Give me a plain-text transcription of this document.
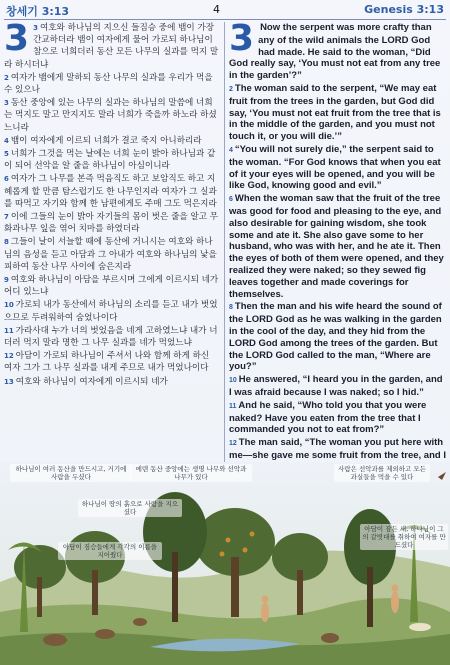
창세기 3:13	4	Genesis 3:13
3 3 여호와 하나님의 지으신 들짐승 중에 뱀이 가장 간교하더라 뱀이 여자에게 물어 가로되 하나님이 참으로 너희더러 동산 모든 나무의 실과를 먹지 말라 하시더냐
2 여자가 뱀에게 말하되 동산 나무의 실과를 우리가 먹을 수 있으나
3 동산 중앙에 있는 나무의 실과는 하나님의 말씀에 너희는 먹지도 말고 만지지도 말라 너희가 죽을까 하노라 하셨느니라
4 뱀이 여자에게 이르되 너희가 결코 죽지 아니하리라
5 너희가 그것을 먹는 날에는 너희 눈이 밝아 하나님과 같이 되어 선악을 알 줄을 하나님이 아심이니라
6 여자가 그 나무를 본즉 먹음직도 하고 보암직도 하고 지혜롭게 할 만큼 탐스럽기도 한 나무인지라 여자가 그 실과를 따먹고 자기와 함께 한 남편에게도 주매 그도 먹은지라
7 이에 그들의 눈이 밝아 자기들의 몸이 벗은 줄을 알고 무화과나무 잎을 엮어 치마를 하였더라
8 그들이 날이 서늘할 때에 동산에 거니시는 여호와 하나님의 음성을 듣고 아담과 그 아내가 여호와 하나님의 낯을 피하여 동산 나무 사이에 숨은지라
9 여호와 하나님이 아담을 부르시며 그에게 이르시되 네가 어디 있느냐
10 가로되 내가 동산에서 하나님의 소리를 듣고 내가 벗었으므로 두려워하여 숨었나이다
11 가라사대 누가 너의 벗었음을 네게 고하였느냐 내가 너더러 먹지 말라 명한 그 나무 실과를 네가 먹었느냐
12 아담이 가로되 하나님이 주셔서 나와 함께 하게 하신 여자 그가 그 나무 실과를 내게 주므로 내가 먹었나이다
13 여호와 하나님이 여자에게 이르시되 네가
3 Now the serpent was more crafty than any of the wild animals the LORD God had made. He said to the woman, “Did God really say, ‘You must not eat from any tree in the garden’?”
2 The woman said to the serpent, “We may eat fruit from the trees in the garden, but God did say, ‘You must not eat fruit from the tree that is in the middle of the garden, and you must not touch it, or you will die.’”
4 “You will not surely die,” the serpent said to the woman. “For God knows that when you eat of it your eyes will be opened, and you will be like God, knowing good and evil.”
6 When the woman saw that the fruit of the tree was good for food and pleasing to the eye, and also desirable for gaining wisdom, she took some and ate it. She also gave some to her husband, who was with her, and he ate it. Then the eyes of both of them were opened, and they realized they were naked; so they sewed fig leaves together and made coverings for themselves.
8 Then the man and his wife heard the sound of the LORD God as he was walking in the garden in the cool of the day, and they hid from the LORD God among the trees of the garden. But the LORD God called to the man, “Where are you?”
10 He answered, “I heard you in the garden, and I was afraid because I was naked; so I hid.”
11 And he said, “Who told you that you were naked? Have you eaten from the tree that I commanded you not to eat from?”
12 The man said, “The woman you put here with me—she gave me some fruit from the tree, and I
하나님이 여러 동산을 만드시고, 거기에 사람을 두셨다
에덴 동산 중앙에는 생명 나무와 선악과 나무가 있다
사람은 선악과를 제외하고 모든 과실들을 먹을 수 있다
하나님이 땅의 흙으로 사람을 지으셨다
아담이 짐승들에게 각각의 이름을 지어줬다
아담이 잠든 새, 하나님이 그의 갈빗대를 취하여 여자를 만드셨다
